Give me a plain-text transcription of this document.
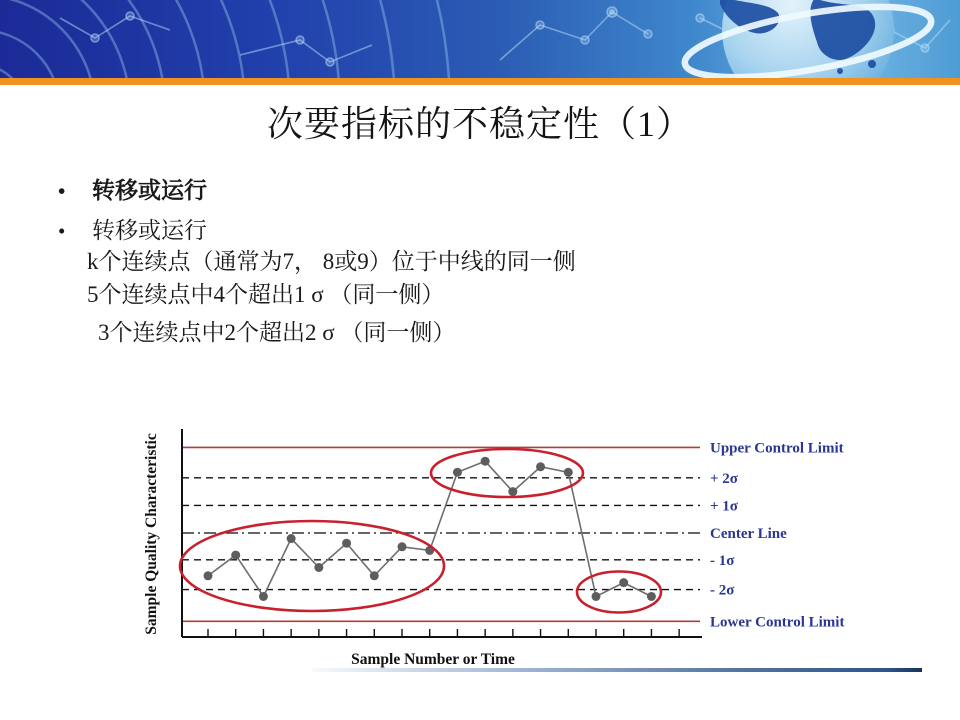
次要指标的不稳定性（1）
• 转移或运行
• 转移或运行
k个连续点（通常为7， 8或9）位于中线的同一侧
5个连续点中4个超出1 σ （同一侧）
3个连续点中2个超出2 σ （同一侧）
Upper Control Limit
+ 2σ
+ 1σ
Center Line
- 1σ
- 2σ
Lower Control Limit
Sample Quality Characteristic
Sample Number or Time
